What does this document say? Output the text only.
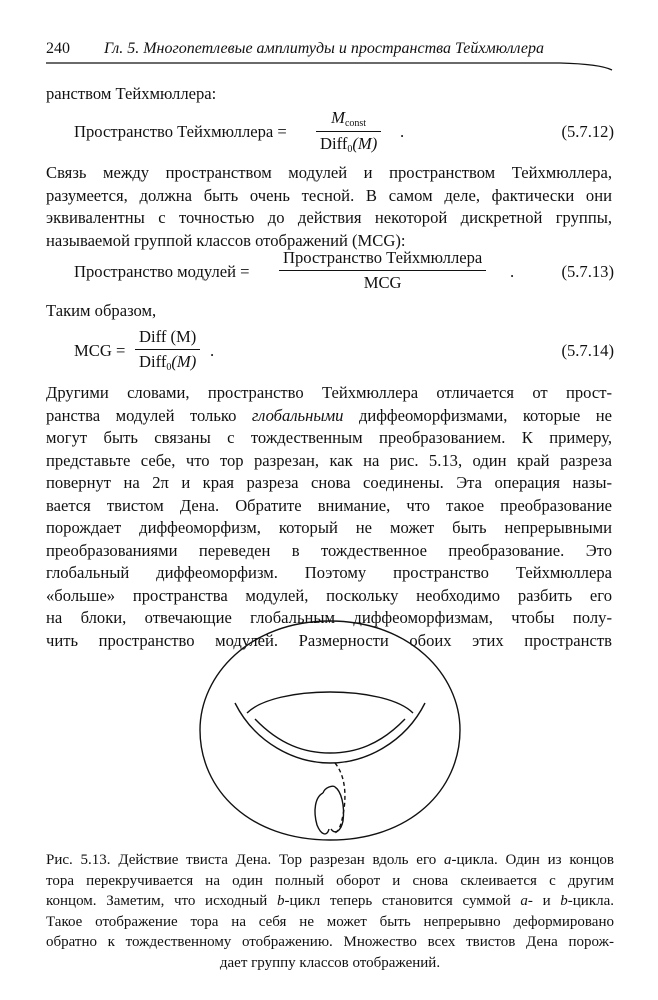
240 Гл. 5. Многопетлевые амплитуды и пространства Тейхмюллера

ранством Тейхмюллера:

Пространство Тейхмюллера =
$M_{const}$
Diff$_0$(M)
.	(5.7.12)

Связь между пространством модулей и пространством Тейхмюллера,
разумеется, должна быть очень тесной. В самом деле, фактически они
эквивалентны с точностью до действия некоторой дискретной группы,
называемой группой классов отображений (MCG):

Пространство модулей =
Пространство Тейхмюллера
MCG
.	(5.7.13)

Таким образом,

MCG =
Diff (M)
Diff$_0$(M)
.	(5.7.14)

Другими словами, пространство Тейхмюллера отличается от прост-
ранства модулей только глобальными диффеоморфизмами, которые не
могут быть связаны с тождественным преобразованием. К примеру,
представьте себе, что тор разрезан, как на рис. 5.13, один край разреза
повернут на 2π и края разреза снова соединены. Эта операция назы-
вается твистом Дена. Обратите внимание, что такое преобразование
порождает диффеоморфизм, который не может быть непрерывными
преобразованиями переведен в тождественное преобразование. Это
глобальный диффеоморфизм. Поэтому пространство Тейхмюллера
«больше» пространства модулей, поскольку необходимо разбить его
на блоки, отвечающие глобальным диффеоморфизмам, чтобы полу-
чить пространство модулей. Размерности обоих этих пространств

Рис. 5.13. Действие твиста Дена. Тор разрезан вдоль его a-цикла. Один из концов
тора перекручивается на один полный оборот и снова склеивается с другим
концом. Заметим, что исходный b-цикл теперь становится суммой a- и b-цикла.
Такое отображение тора на себя не может быть непрерывно деформировано
обратно к тождественному отображению. Множество всех твистов Дена порож-
дает группу классов отображений.
